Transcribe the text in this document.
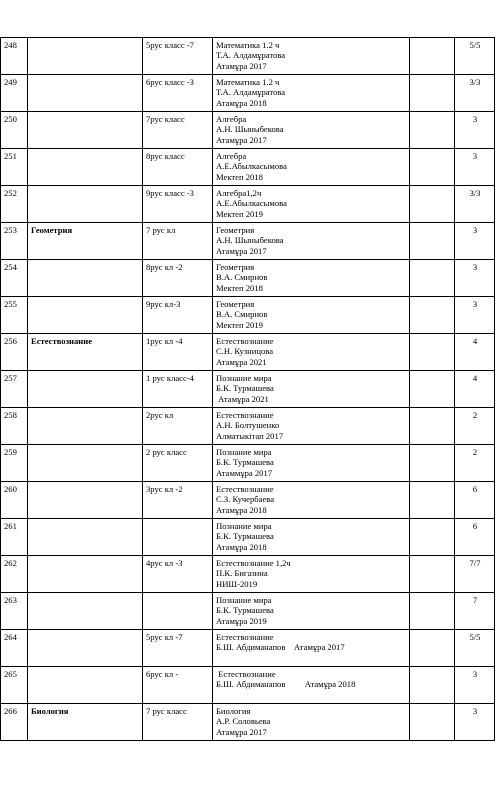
248		5рус класс -7	Математика 1.2 ч
Т.А. Алдамұратова
Атамұра 2017		5/5
249		6рус класс -3	Математика 1.2 ч
Т.А. Алдамұратова
Атамұра 2018		3/3
250		7рус класс	Алгебра
А.Н. Шыныбекова
Атамұра 2017		3
251		8рус класс	Алгебра
А.Е.Абылкасымова
Мектеп 2018		3
252		9рус класс -3	Алгебра1,2ч
А.Е.Абылкасымова
Мектеп 2019		3/3
253	Геометрия	7 рус кл	Геометрия
А.Н. Шыныбекова
Атамұра 2017		3
254		8рус кл -2	Геометрия
В.А. Смирнов
Мектеп 2018		3
255		9рус кл-3	Геометрия
В.А. Смирнов
Мектеп 2019		3
256	Естествознание	1рус кл -4	Естествознание
С.Н. Кузницова
Атамұра 2021		4
257		1 рус класс-4	Познание мира
Б.К. Турмашева
Атамұра 2021		4
258		2рус кл	Естествознание
А.Н. Болтушенко
Алматыкітап 2017		2
259		2 рус класс	Познание мира
Б.К. Турмашева
Атаммұра 2017		2
260		3рус кл -2	Естествознание
С.З. Кучербаева
Атамұра 2018		6
261			Познание мира
Б.К. Турмашева
Атамұра 2018		6
262		4рус кл -3	Естествознание 1,2ч
П.К. Бигазина
НИШ-2019		7/7
263			Познание мира
Б.К. Турмашева
Атамұра 2019		7
264		5рус кл -7	Естествознание
Б.Ш. Абдиманапов    Атамұра 2017		5/5
265		6рус кл -	Естествознание
Б.Ш. Абдиманапов         Атамұра 2018		3
266	Биология	7 рус класс	Биология
А.Р. Соловьева
Атамұра 2017		3
